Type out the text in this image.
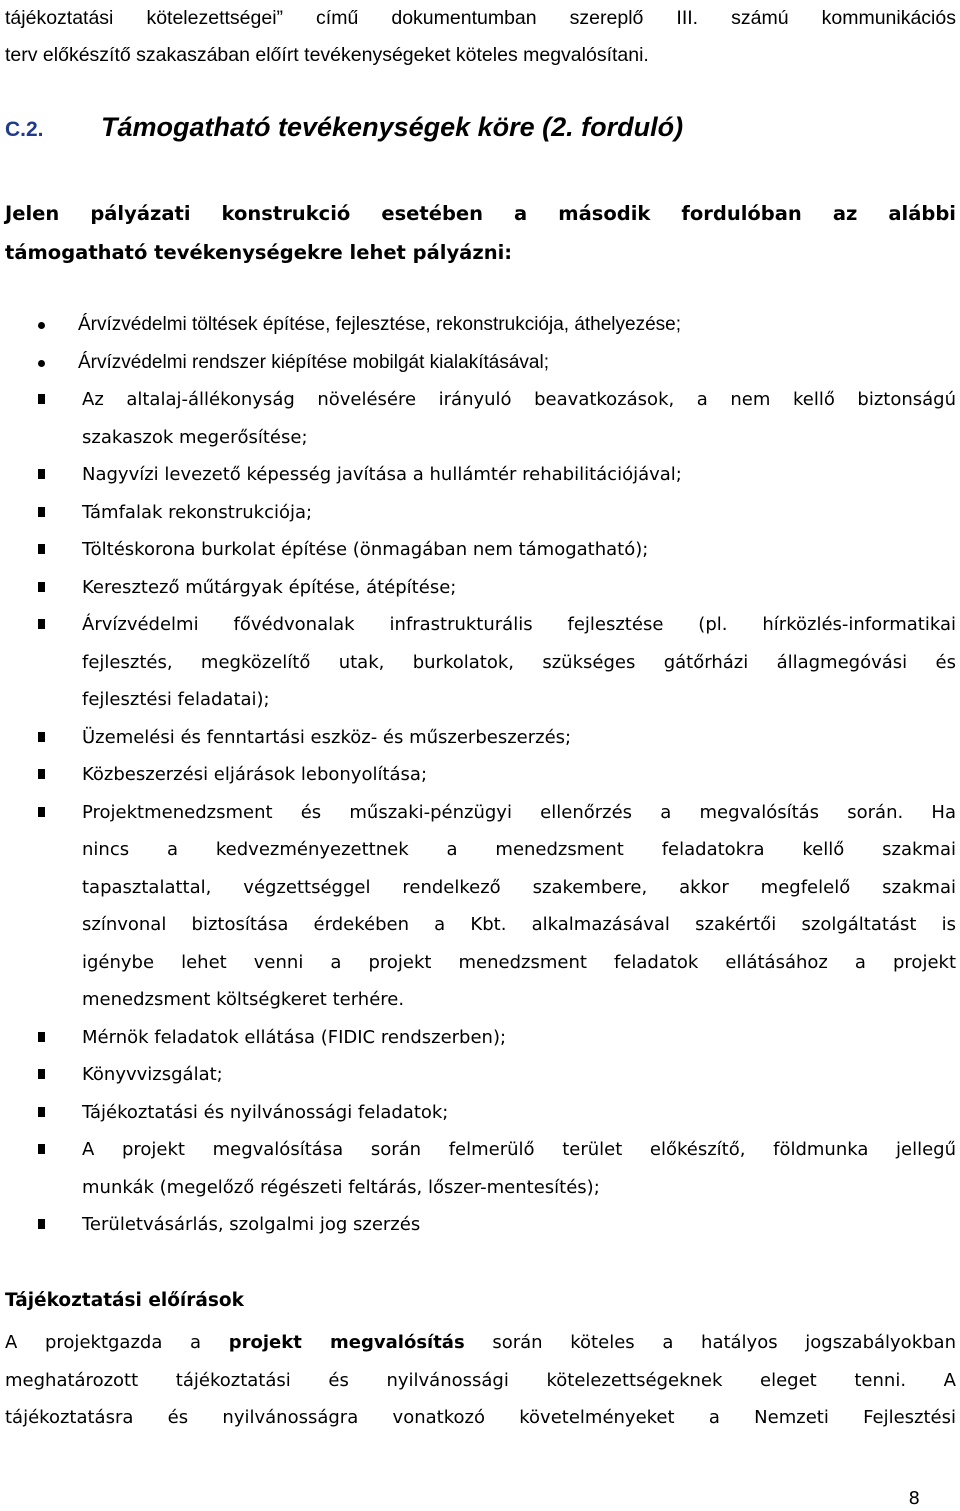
tájékoztatási kötelezettségei” című dokumentumban szereplő III. számú kommunikációs
terv előkészítő szakaszában előírt tevékenységeket köteles megvalósítani.

C.2. Támogatható tevékenységek köre (2. forduló)

Jelen pályázati konstrukció esetében a második fordulóban az alábbi
támogatható tevékenységekre lehet pályázni:

Árvízvédelmi töltések építése, fejlesztése, rekonstrukciója, áthelyezése;
Árvízvédelmi rendszer kiépítése mobilgát kialakításával;
Az altalaj-állékonyság növelésére irányuló beavatkozások, a nem kellő biztonságú
szakaszok megerősítése;
Nagyvízi levezető képesség javítása a hullámtér rehabilitációjával;
Támfalak rekonstrukciója;
Töltéskorona burkolat építése (önmagában nem támogatható);
Keresztező műtárgyak építése, átépítése;
Árvízvédelmi fővédvonalak infrastrukturális fejlesztése (pl. hírközlés-informatikai
fejlesztés, megközelítő utak, burkolatok, szükséges gátőrházi állagmegóvási és
fejlesztési feladatai);
Üzemelési és fenntartási eszköz- és műszerbeszerzés;
Közbeszerzési eljárások lebonyolítása;
Projektmenedzsment és műszaki-pénzügyi ellenőrzés a megvalósítás során. Ha
nincs a kedvezményezettnek a menedzsment feladatokra kellő szakmai
tapasztalattal, végzettséggel rendelkező szakembere, akkor megfelelő szakmai
színvonal biztosítása érdekében a Kbt. alkalmazásával szakértői szolgáltatást is
igénybe lehet venni a projekt menedzsment feladatok ellátásához a projekt
menedzsment költségkeret terhére.
Mérnök feladatok ellátása (FIDIC rendszerben);
Könyvvizsgálat;
Tájékoztatási és nyilvánossági feladatok;
A projekt megvalósítása során felmerülő terület előkészítő, földmunka jellegű
munkák (megelőző régészeti feltárás, lőszer-mentesítés);
Területvásárlás, szolgalmi jog szerzés
Tájékoztatási előírások

A projektgazda a projekt megvalósítás során köteles a hatályos jogszabályokban
meghatározott tájékoztatási és nyilvánossági kötelezettségeknek eleget tenni. A
tájékoztatásra és nyilvánosságra vonatkozó követelményeket a Nemzeti Fejlesztési

8
